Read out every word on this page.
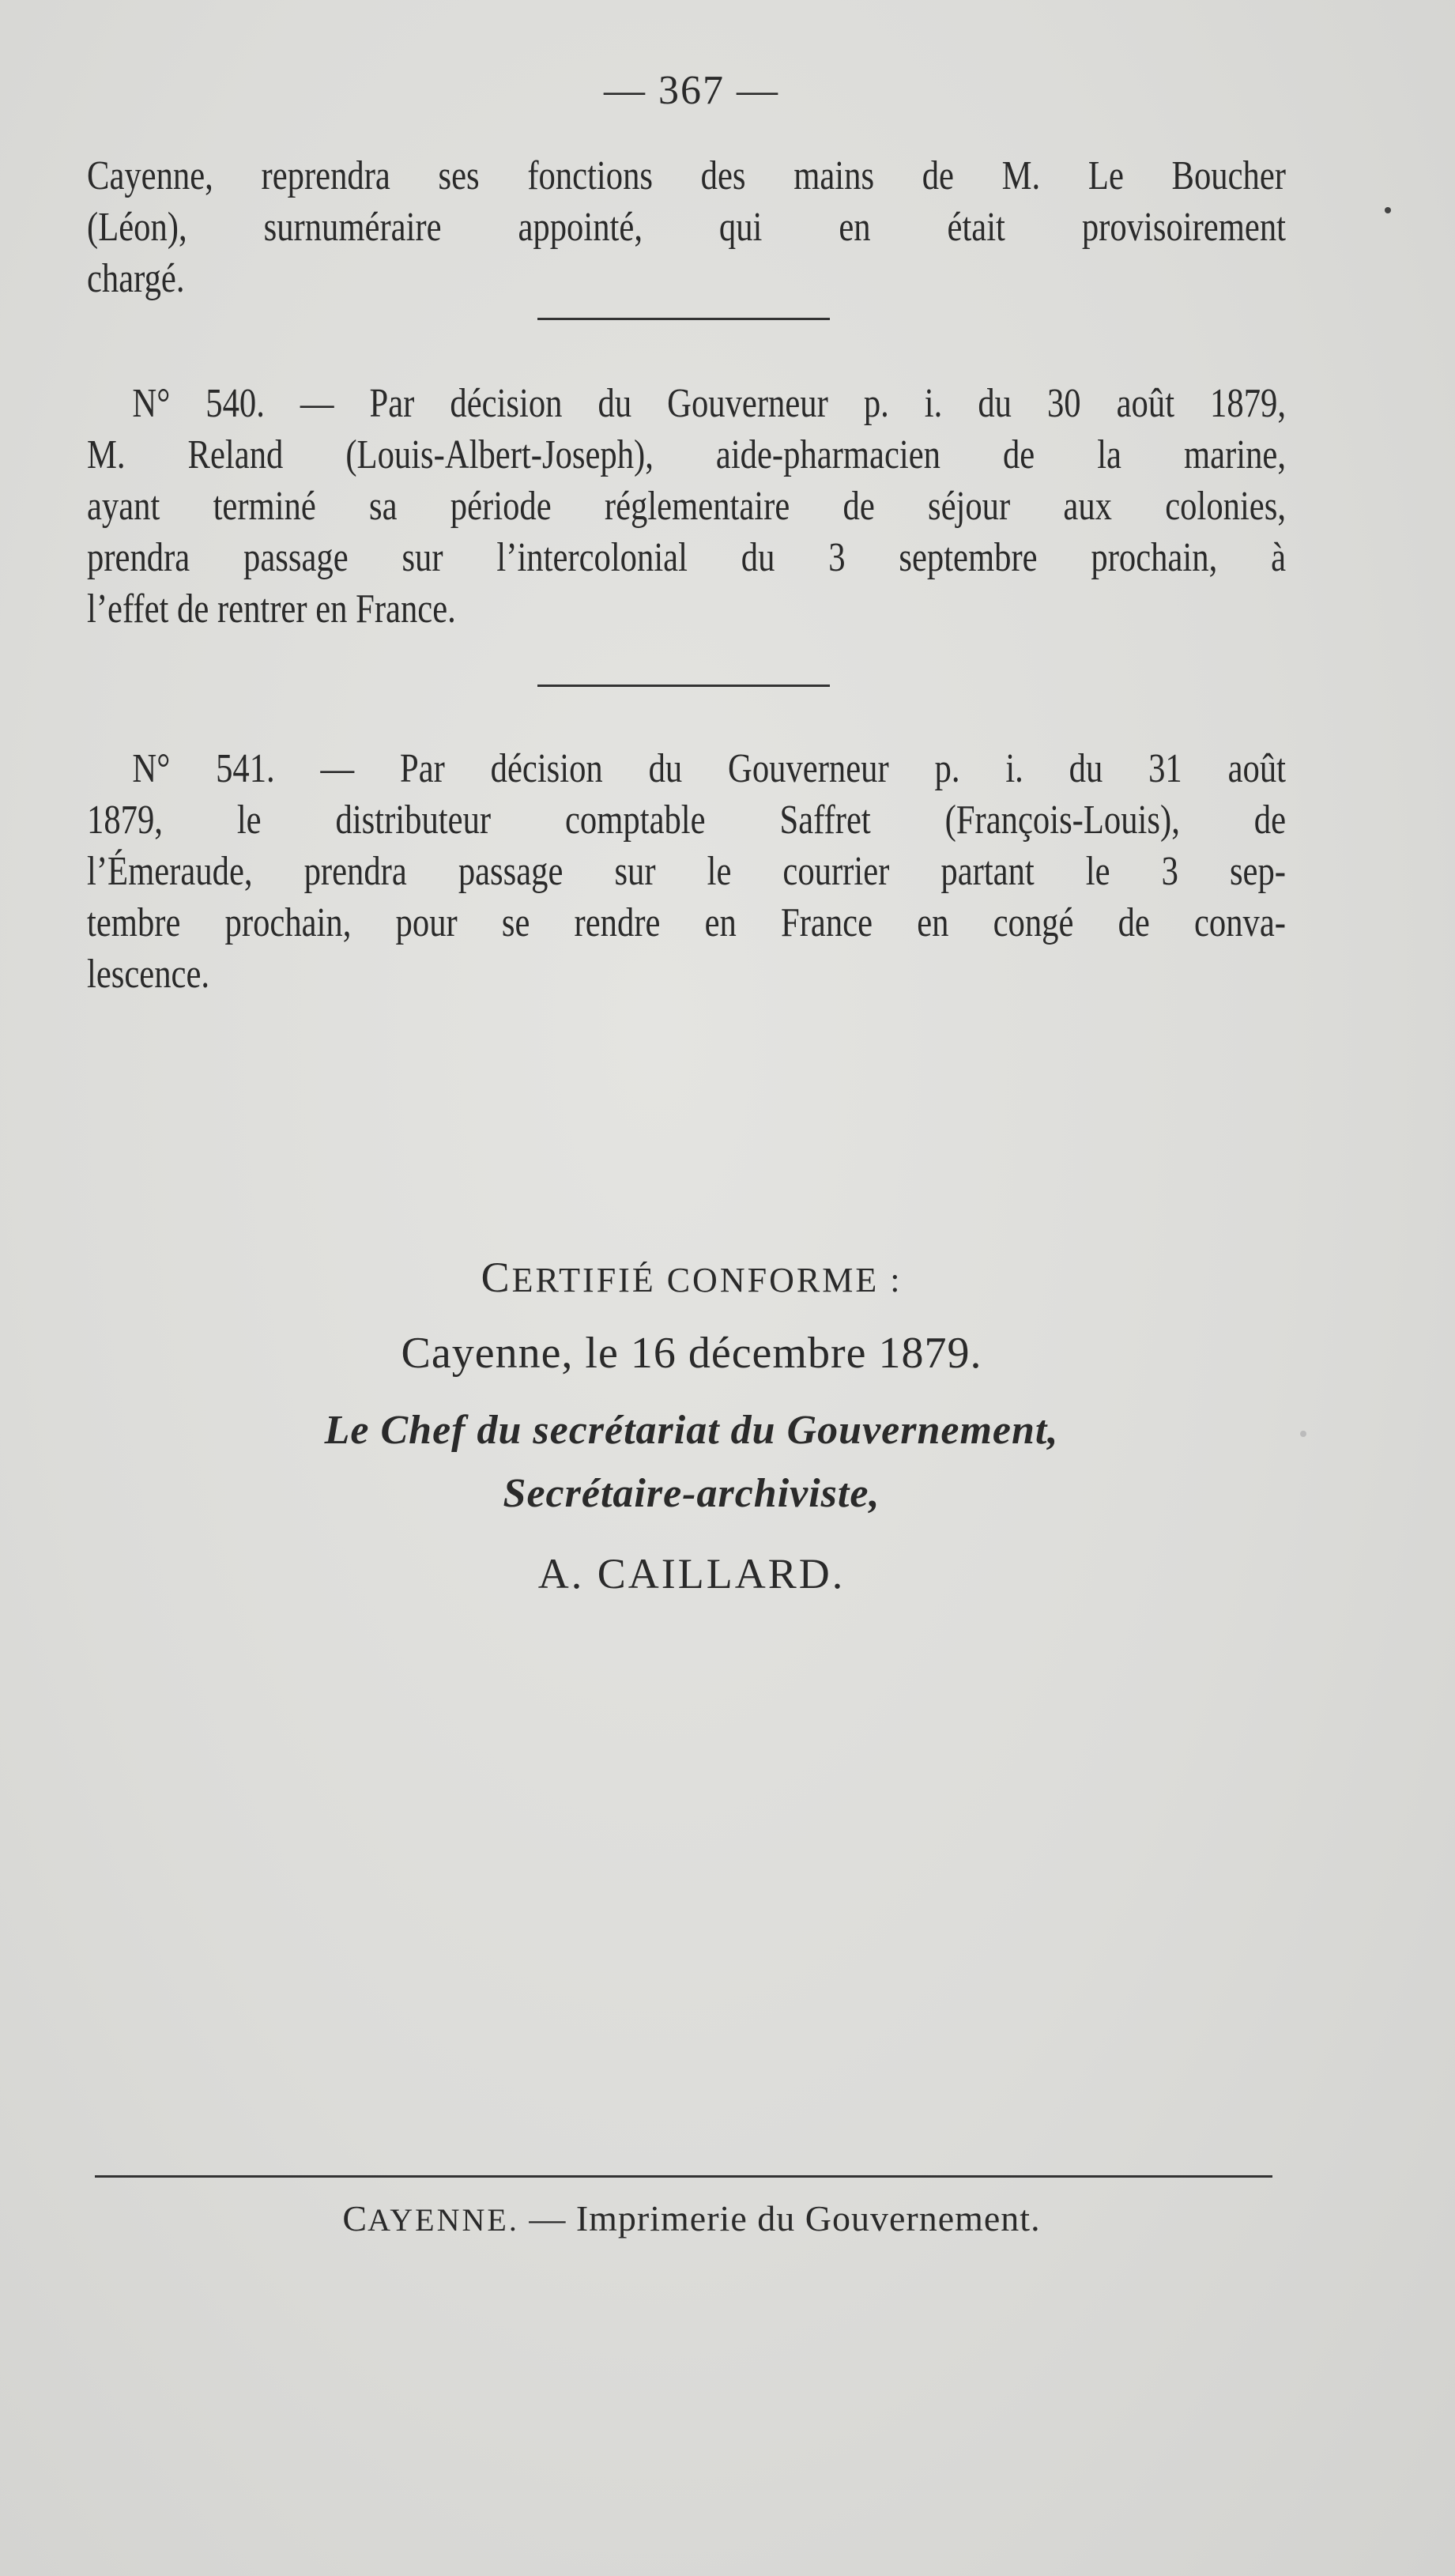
— 367 —
Cayenne, reprendra ses fonctions des mains de M. Le Boucher
(Léon), surnuméraire appointé, qui en était provisoirement
chargé.
N° 540. — Par décision du Gouverneur p. i. du 30 août 1879,
M. Reland (Louis-Albert-Joseph), aide-pharmacien de la marine,
ayant terminé sa période réglementaire de séjour aux colonies,
prendra passage sur l’intercolonial du 3 septembre prochain, à
l’effet de rentrer en France.
N° 541. — Par décision du Gouverneur p. i. du 31 août
1879, le distributeur comptable Saffret (François-Louis), de
l’Émeraude, prendra passage sur le courrier partant le 3 sep-
tembre prochain, pour se rendre en France en congé de conva-
lescence.
CERTIFIÉ CONFORME :
Cayenne, le 16 décembre 1879.
Le Chef du secrétariat du Gouvernement,
Secrétaire-archiviste,
A. CAILLARD.
CAYENNE. — Imprimerie du Gouvernement.
